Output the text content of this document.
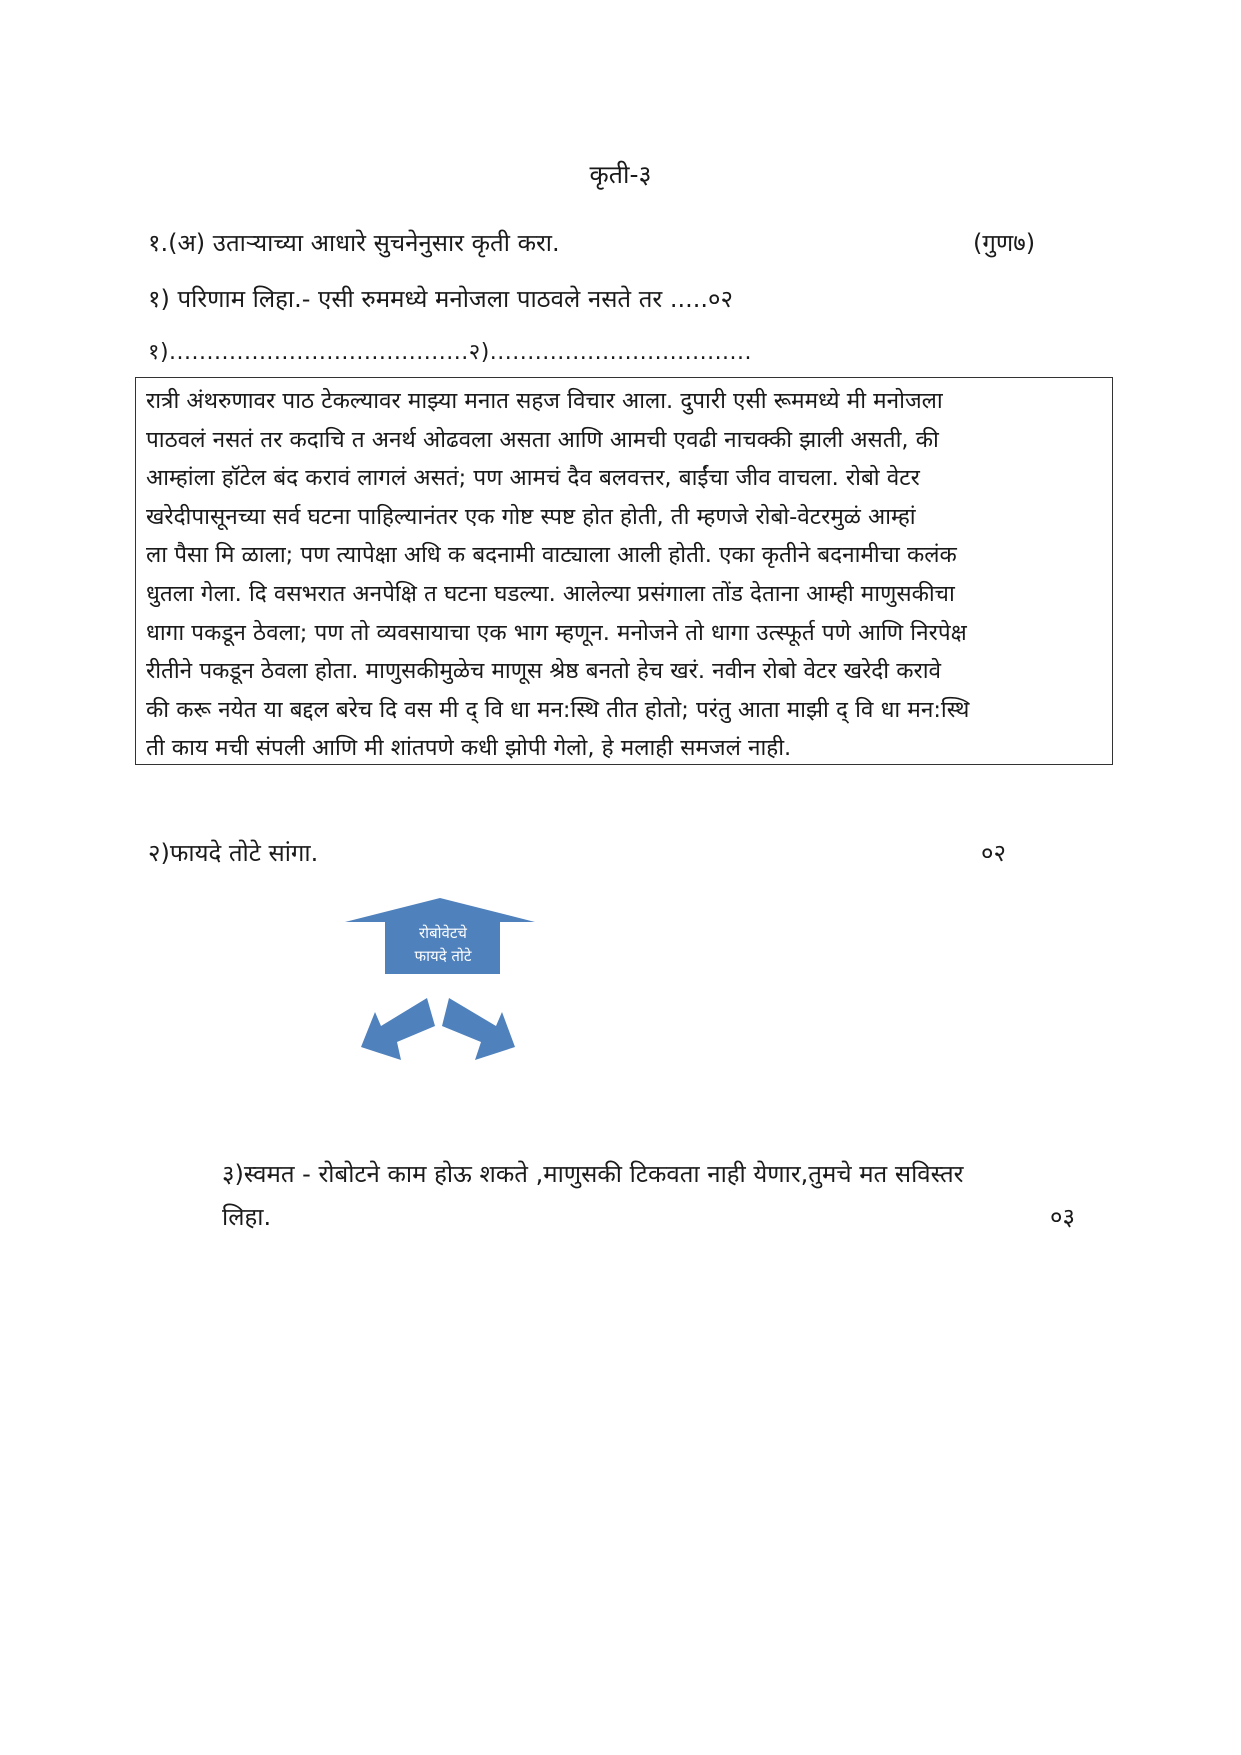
कृती-३
१.(अ) उताऱ्याच्या आधारे सुचनेनुसार कृती करा.	(गुण७)
१) परिणाम लिहा.- एसी रुममध्ये मनोजला पाठवले नसते तर .....०२
१)........................................२)...................................
रात्री अंथरुणावर पाठ टेकल्यावर माझ्या मनात सहज विचार आला. दुपारी एसी रूममध्ये मी मनोजला
पाठवलं नसतं तर कदाचि त अनर्थ ओढवला असता आणि आमची एवढी नाचक्की झाली असती, की
आम्हांला हॉटेल बंद करावं लागलं असतं; पण आमचं दैव बलवत्तर, बाईंचा जीव वाचला. रोबो वेटर
खरेदीपासूनच्या सर्व घटना पाहिल्यानंतर एक गोष्ट स्पष्ट होत होती, ती म्हणजे रोबो-वेटरमुळं आम्हां
ला पैसा मि ळाला; पण त्यापेक्षा अधि क बदनामी वाट्याला आली होती. एका कृतीने बदनामीचा कलंक
धुतला गेला. दि वसभरात अनपेक्षि त घटना घडल्या. आलेल्या प्रसंगाला तोंड देताना आम्ही माणुसकीचा
धागा पकडून ठेवला; पण तो व्यवसायाचा एक भाग म्हणून. मनोजने तो धागा उत्स्फूर्त पणे आणि निरपेक्ष
रीतीने पकडून ठेवला होता. माणुसकीमुळेच माणूस श्रेष्ठ बनतो हेच खरं. नवीन रोबो वेटर खरेदी करावे
की करू नयेत या बद्दल बरेच दि वस मी द् वि धा मन:स्थि तीत होतो; परंतु आता माझी द् वि धा मन:स्थि
ती काय मची संपली आणि मी शांतपणे कधी झोपी गेलो, हे मलाही समजलं नाही.
२)फायदे तोटे सांगा.	०२
रोबोवेटचे
फायदे तोटे
३)स्वमत - रोबोटने काम होऊ शकते ,माणुसकी टिकवता नाही येणार,तुमचे मत सविस्तर
लिहा.	०३
